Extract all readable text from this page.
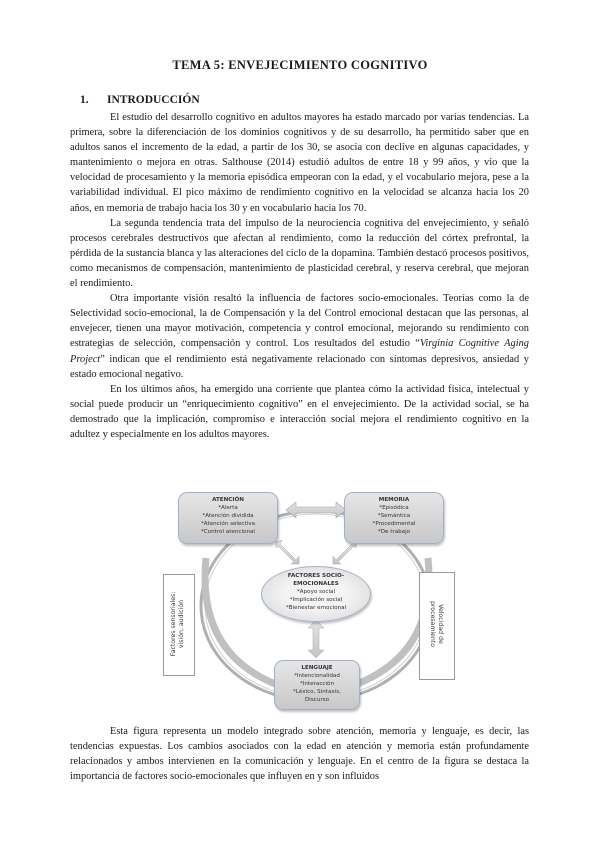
TEMA 5: ENVEJECIMIENTO COGNITIVO
1. INTRODUCCIÓN

El estudio del desarrollo cognitivo en adultos mayores ha estado marcado por varias tendencias. La primera, sobre la diferenciación de los dominios cognitivos y de su desarrollo, ha permitido saber que en adultos sanos el incremento de la edad, a partir de los 30, se asocia con declive en algunas capacidades, y mantenimiento o mejora en otras. Salthouse (2014) estudió adultos de entre 18 y 99 años, y vio que la velocidad de procesamiento y la memoria episódica empeoran con la edad, y el vocabulario mejora, pese a la variabilidad individual. El pico máximo de rendimiento cognitivo en la velocidad se alcanza hacia los 20 años, en memoria de trabajo hacia los 30 y en vocabulario hacia los 70.

La segunda tendencia trata del impulso de la neurociencia cognitiva del envejecimiento, y señaló procesos cerebrales destructivos que afectan al rendimiento, como la reducción del córtex prefrontal, la pérdida de la sustancia blanca y las alteraciones del ciclo de la dopamina. También destacó procesos positivos, como mecanismos de compensación, mantenimiento de plasticidad cerebral, y reserva cerebral, que mejoran el rendimiento.

Otra importante visión resaltó la influencia de factores socio-emocionales. Teorías como la de Selectividad socio-emocional, la de Compensación y la del Control emocional destacan que las personas, al envejecer, tienen una mayor motivación, competencia y control emocional, mejorando su rendimiento con estrategias de selección, compensación y control. Los resultados del estudio “Virginia Cognitive Aging Project” indican que el rendimiento está negativamente relacionado con síntomas depresivos, ansiedad y estado emocional negativo.

En los últimos años, ha emergido una corriente que plantea cómo la actividad física, intelectual y social puede producir un “enriquecimiento cognitivo” en el envejecimiento. De la actividad social, se ha demostrado que la implicación, compromiso e interacción social mejora el rendimiento cognitivo en la adultez y especialmente en los adultos mayores.

ATENCIÓN
*Alerta
*Atención dividida
*Atención selectiva
*Control atencional
MEMORIA
*Episódica
*Semántica
*Procedimental
*De trabajo
FACTORES SOCIO-
EMOCIONALES
*Apoyo social
*Implicación social
*Bienestar emocional
LENGUAJE
*Intencionalidad
*Interacción
*Léxico, Sintaxis,
Discurso
Factores sensoriales: visión, audición	Velocidad de
procesamiento

Esta figura representa un modelo integrado sobre atención, memoria y lenguaje, es decir, las tendencias expuestas. Los cambios asociados con la edad en atención y memoria están profundamente relacionados y ambos intervienen en la comunicación y lenguaje. En el centro de la figura se destaca la importancia de factores socio-emocionales que influyen en y son influidos
